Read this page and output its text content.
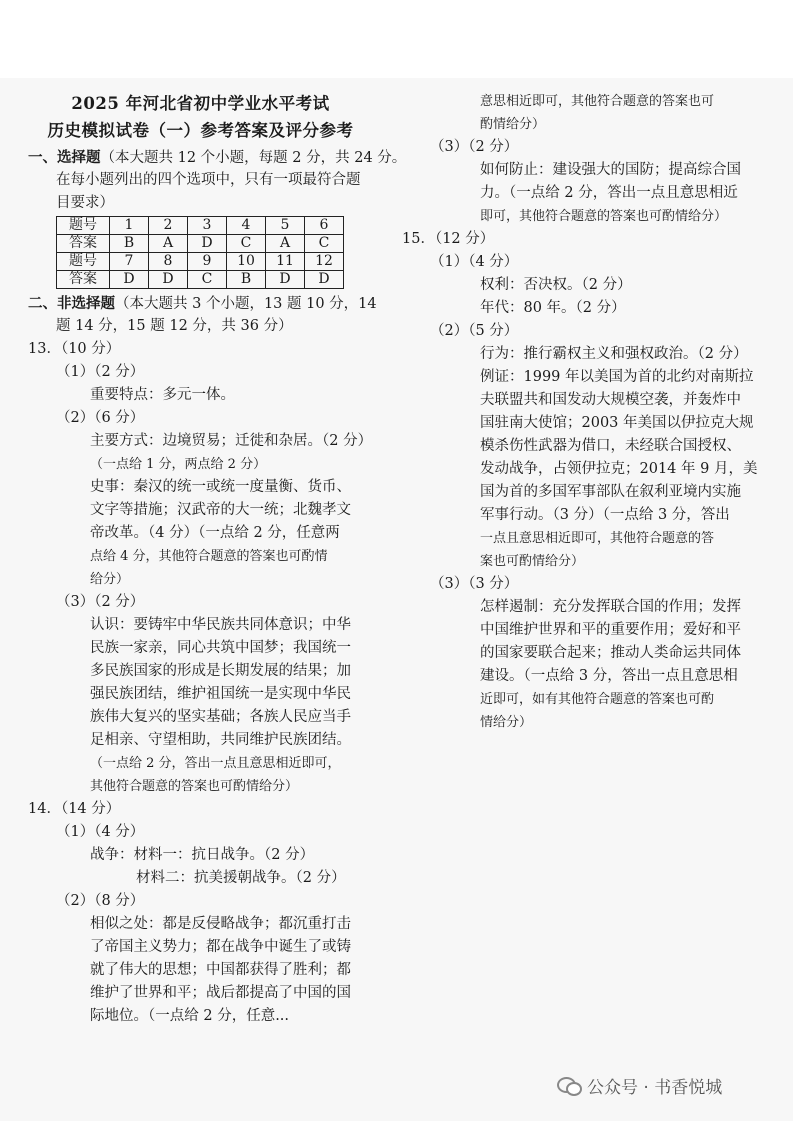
2025 年河北省初中学业水平考试
历史模拟试卷（一）参考答案及评分参考
一、选择题（本大题共 12 个小题，每题 2 分，共 24 分。
在每小题列出的四个选项中，只有一项最符合题
目要求）
题号	1	2	3	4	5	6
答案	B	A	D	C	A	C
题号	7	8	9	10	11	12
答案	D	D	C	B	D	D
二、非选择题（本大题共 3 个小题，13 题 10 分，14
题 14 分，15 题 12 分，共 36 分）
13．（10 分）
（1）（2 分）
重要特点：多元一体。
（2）（6 分）
主要方式：边境贸易；迁徙和杂居。（2 分）
（一点给 1 分，两点给 2 分）
史事：秦汉的统一或统一度量衡、货币、
文字等措施；汉武帝的大一统；北魏孝文
帝改革。（4 分）（一点给 2 分，任意两
点给 4 分，其他符合题意的答案也可酌情
给分）
（3）（2 分）
认识：要铸牢中华民族共同体意识；中华
民族一家亲，同心共筑中国梦；我国统一
多民族国家的形成是长期发展的结果；加
强民族团结，维护祖国统一是实现中华民
族伟大复兴的坚实基础；各族人民应当手
足相亲、守望相助，共同维护民族团结。
（一点给 2 分，答出一点且意思相近即可，
其他符合题意的答案也可酌情给分）
14．（14 分）
（1）（4 分）
战争：材料一：抗日战争。（2 分）
材料二：抗美援朝战争。（2 分）
（2）（8 分）
相似之处：都是反侵略战争；都沉重打击
了帝国主义势力；都在战争中诞生了或铸
就了伟大的思想；中国都获得了胜利；都
维护了世界和平；战后都提高了中国的国
际地位。（一点给 2 分，任意...
意思相近即可，其他符合题意的答案也可
酌情给分）
（3）（2 分）
如何防止：建设强大的国防；提高综合国
力。（一点给 2 分，答出一点且意思相近
即可，其他符合题意的答案也可酌情给分）
15．（12 分）
（1）（4 分）
权利：否决权。（2 分）
年代：80 年。（2 分）
（2）（5 分）
行为：推行霸权主义和强权政治。（2 分）
例证：1999 年以美国为首的北约对南斯拉
夫联盟共和国发动大规模空袭，并轰炸中
国驻南大使馆；2003 年美国以伊拉克大规
模杀伤性武器为借口，未经联合国授权、
发动战争，占领伊拉克；2014 年 9 月，美
国为首的多国军事部队在叙利亚境内实施
军事行动。（3 分）（一点给 3 分，答出
一点且意思相近即可，其他符合题意的答
案也可酌情给分）
（3）（3 分）
怎样遏制：充分发挥联合国的作用；发挥
中国维护世界和平的重要作用；爱好和平
的国家要联合起来；推动人类命运共同体
建设。（一点给 3 分，答出一点且意思相
近即可，如有其他符合题意的答案也可酌
情给分）
公众号 · 书香悦城
